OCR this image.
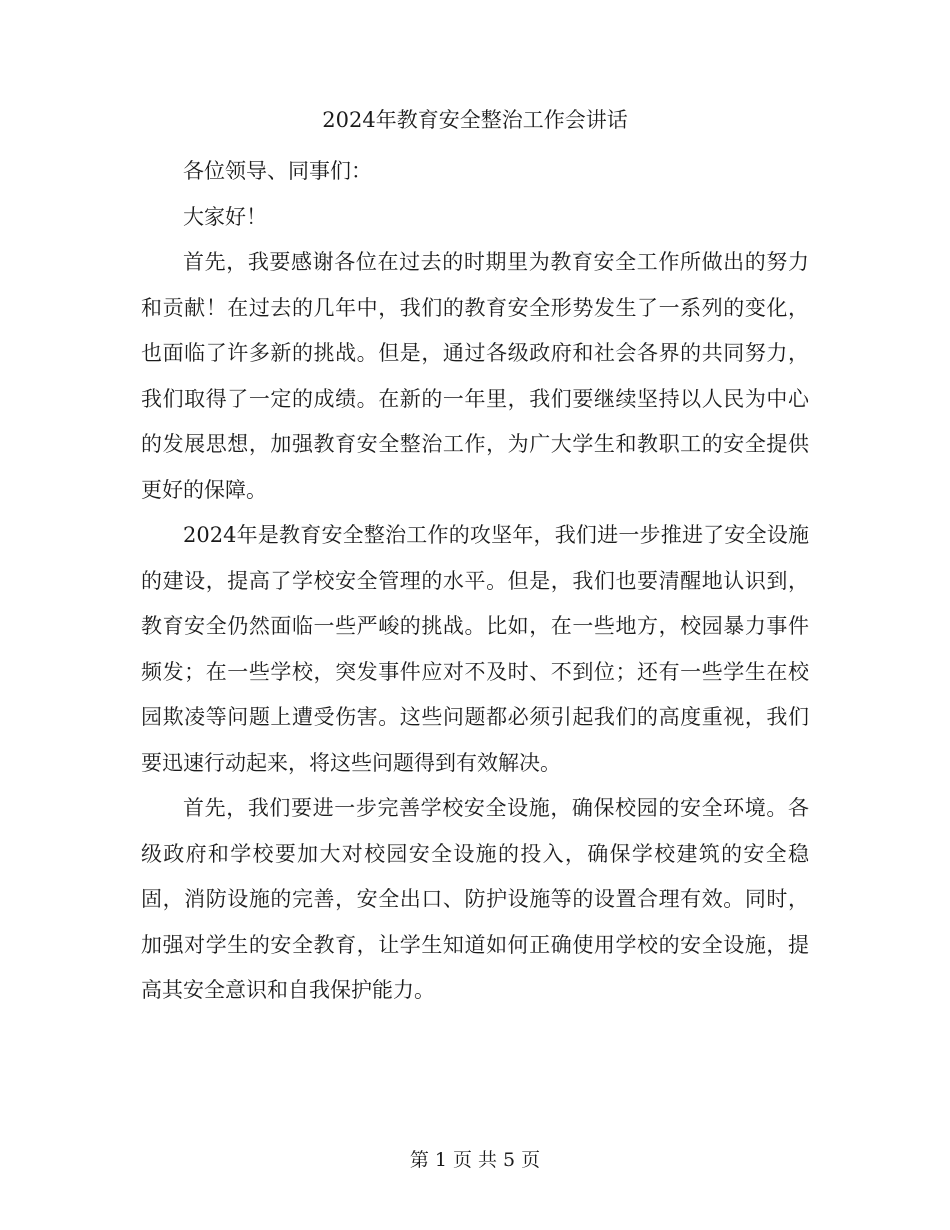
2024年教育安全整治工作会讲话

各位领导、同事们：

大家好！

首先，我要感谢各位在过去的时期里为教育安全工作所做出的努力和贡献！在过去的几年中，我们的教育安全形势发生了一系列的变化，也面临了许多新的挑战。但是，通过各级政府和社会各界的共同努力，我们取得了一定的成绩。在新的一年里，我们要继续坚持以人民为中心的发展思想，加强教育安全整治工作，为广大学生和教职工的安全提供更好的保障。

2024年是教育安全整治工作的攻坚年，我们进一步推进了安全设施的建设，提高了学校安全管理的水平。但是，我们也要清醒地认识到，教育安全仍然面临一些严峻的挑战。比如，在一些地方，校园暴力事件频发；在一些学校，突发事件应对不及时、不到位；还有一些学生在校园欺凌等问题上遭受伤害。这些问题都必须引起我们的高度重视，我们要迅速行动起来，将这些问题得到有效解决。

首先，我们要进一步完善学校安全设施，确保校园的安全环境。各级政府和学校要加大对校园安全设施的投入，确保学校建筑的安全稳固，消防设施的完善，安全出口、防护设施等的设置合理有效。同时，加强对学生的安全教育，让学生知道如何正确使用学校的安全设施，提高其安全意识和自我保护能力。

第 1 页 共 5 页
